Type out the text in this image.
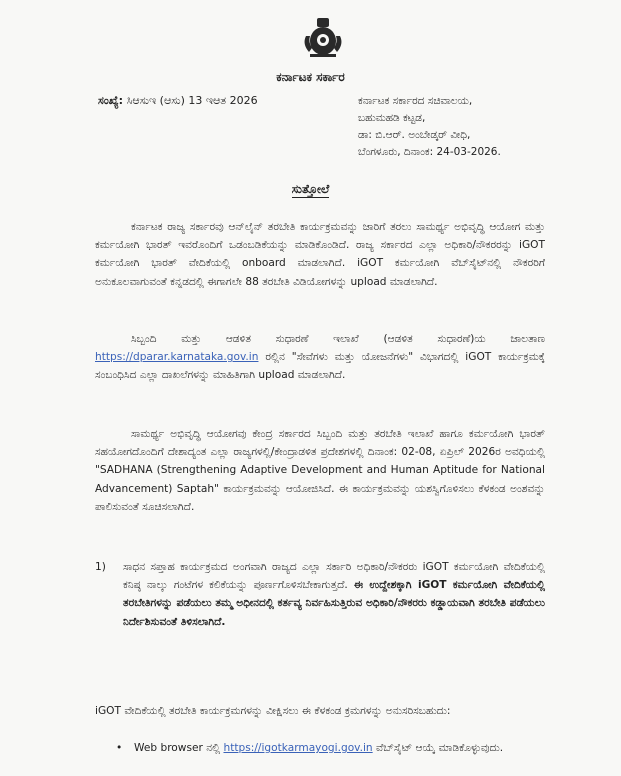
ಕರ್ನಾಟಕ ಸರ್ಕಾರ
ಸಂಖ್ಯೆ: ಸಿಆಸುಇ (ಆಸು) 13 ಇಆತ 2026	ಕರ್ನಾಟಕ ಸರ್ಕಾರದ ಸಚಿವಾಲಯ,
ಬಹುಮಹಡಿ ಕಟ್ಟಡ,
ಡಾ: ಬಿ.ಆರ್. ಅಂಬೇಡ್ಕರ್ ವೀಧಿ,
ಬೆಂಗಳೂರು, ದಿನಾಂಕ: 24-03-2026.
ಸುತ್ತೋಲೆ
ಕರ್ನಾಟಕ ರಾಜ್ಯ ಸರ್ಕಾರವು ಆನ್‌ಲೈನ್ ತರಬೇತಿ ಕಾರ್ಯಕ್ರಮವನ್ನು ಜಾರಿಗೆ ತರಲು ಸಾಮರ್ಥ್ಯ ಅಭಿವೃದ್ಧಿ ಆಯೋಗ ಮತ್ತು ಕರ್ಮಯೋಗಿ ಭಾರತ್ ಇವರೊಂದಿಗೆ ಒಡಂಬಡಿಕೆಯನ್ನು ಮಾಡಿಕೊಂಡಿದೆ. ರಾಜ್ಯ ಸರ್ಕಾರದ ಎಲ್ಲಾ ಅಧಿಕಾರಿ/ನೌಕರರನ್ನು iGOT ಕರ್ಮಯೋಗಿ ಭಾರತ್ ವೇದಿಕೆಯಲ್ಲಿ onboard ಮಾಡಲಾಗಿದೆ. iGOT ಕರ್ಮಯೋಗಿ ವೆಬ್‌ಸೈಟ್‌ನಲ್ಲಿ ನೌಕರರಿಗೆ ಅನುಕೂಲವಾಗುವಂತೆ ಕನ್ನಡದಲ್ಲಿ ಈಗಾಗಲೇ 88 ತರಬೇತಿ ವಿಡಿಯೋಗಳನ್ನು upload ಮಾಡಲಾಗಿದೆ.
ಸಿಬ್ಬಂದಿ ಮತ್ತು ಆಡಳಿತ ಸುಧಾರಣೆ ಇಲಾಖೆ (ಆಡಳಿತ ಸುಧಾರಣೆ)ಯ ಜಾಲತಾಣ https://dparar.karnataka.gov.in ರಲ್ಲಿನ "ಸೇವೆಗಳು ಮತ್ತು ಯೋಜನೆಗಳು" ವಿಭಾಗದಲ್ಲಿ iGOT ಕಾರ್ಯಕ್ರಮಕ್ಕೆ ಸಂಬಂಧಿಸಿದ ಎಲ್ಲಾ ದಾಖಲೆಗಳನ್ನು ಮಾಹಿತಿಗಾಗಿ upload ಮಾಡಲಾಗಿದೆ.
ಸಾಮರ್ಥ್ಯ ಅಭಿವೃದ್ಧಿ ಆಯೋಗವು ಕೇಂದ್ರ ಸರ್ಕಾರದ ಸಿಬ್ಬಂದಿ ಮತ್ತು ತರಬೇತಿ ಇಲಾಖೆ ಹಾಗೂ ಕರ್ಮಯೋಗಿ ಭಾರತ್ ಸಹಯೋಗದೊಂದಿಗೆ ದೇಶಾದ್ಯಂತ ಎಲ್ಲಾ ರಾಜ್ಯಗಳಲ್ಲಿ/ಕೇಂದ್ರಾಡಳಿತ ಪ್ರದೇಶಗಳಲ್ಲಿ ದಿನಾಂಕ: 02-08, ಏಪ್ರಿಲ್ 2026ರ ಅವಧಿಯಲ್ಲಿ "SADHANA (Strengthening Adaptive Development and Human Aptitude for National Advancement) Saptah" ಕಾರ್ಯಕ್ರಮವನ್ನು ಆಯೋಜಿಸಿದೆ. ಈ ಕಾರ್ಯಕ್ರಮವನ್ನು ಯಶಸ್ವಿಗೊಳಿಸಲು ಕೆಳಕಂಡ ಅಂಶವನ್ನು ಪಾಲಿಸುವಂತೆ ಸೂಚಿಸಲಾಗಿದೆ.
1)	ಸಾಧನ ಸಪ್ತಾಹ ಕಾರ್ಯಕ್ರಮದ ಅಂಗವಾಗಿ ರಾಜ್ಯದ ಎಲ್ಲಾ ಸರ್ಕಾರಿ ಅಧಿಕಾರಿ/ನೌಕರರು iGOT ಕರ್ಮಯೋಗಿ ವೇದಿಕೆಯಲ್ಲಿ ಕನಿಷ್ಠ ನಾಲ್ಕು ಗಂಟೆಗಳ ಕಲಿಕೆಯನ್ನು ಪೂರ್ಣಗೊಳಿಸಬೇಕಾಗುತ್ತದೆ. ಈ ಉದ್ದೇಶಕ್ಕಾಗಿ iGOT ಕರ್ಮಯೋಗಿ ವೇದಿಕೆಯಲ್ಲಿ ತರಬೇತಿಗಳನ್ನು ಪಡೆಯಲು ತಮ್ಮ ಅಧೀನದಲ್ಲಿ ಕರ್ತವ್ಯ ನಿರ್ವಹಿಸುತ್ತಿರುವ ಅಧಿಕಾರಿ/ನೌಕರರು ಕಡ್ಡಾಯವಾಗಿ ತರಬೇತಿ ಪಡೆಯಲು ನಿರ್ದೇಶಿಸುವಂತೆ ತಿಳಿಸಲಾಗಿದೆ.
iGOT ವೇದಿಕೆಯಲ್ಲಿ ತರಬೇತಿ ಕಾರ್ಯಕ್ರಮಗಳನ್ನು ವೀಕ್ಷಿಸಲು ಈ ಕೆಳಕಂಡ ಕ್ರಮಗಳನ್ನು ಅನುಸರಿಸಬಹುದು:
•	Web browser ನಲ್ಲಿ https://igotkarmayogi.gov.in ವೆಬ್‌ಸೈಟ್ ಆಯ್ಕೆ ಮಾಡಿಕೊಳ್ಳುವುದು.
